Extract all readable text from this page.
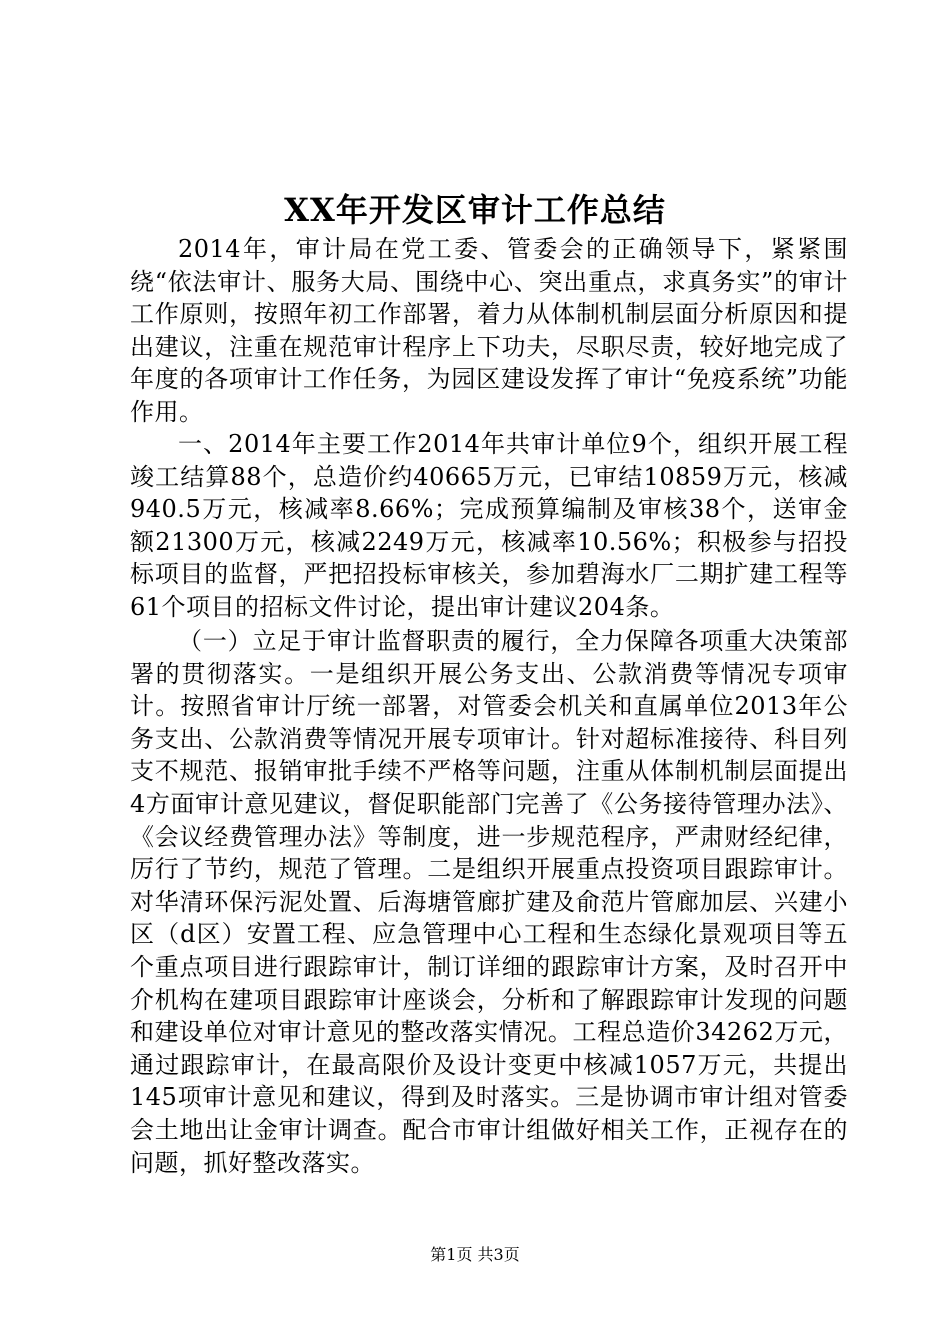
XX年开发区审计工作总结

2014年，审计局在党工委、管委会的正确领导下，紧紧围绕“依法审计、服务大局、围绕中心、突出重点，求真务实”的审计工作原则，按照年初工作部署，着力从体制机制层面分析原因和提出建议，注重在规范审计程序上下功夫，尽职尽责，较好地完成了年度的各项审计工作任务，为园区建设发挥了审计“免疫系统”功能作用。

一、2014年主要工作2014年共审计单位9个，组织开展工程竣工结算88个，总造价约40665万元，已审结10859万元，核减940.5万元，核减率8.66%；完成预算编制及审核38个，送审金额21300万元，核减2249万元，核减率10.56%；积极参与招投标项目的监督，严把招投标审核关，参加碧海水厂二期扩建工程等61个项目的招标文件讨论，提出审计建议204条。

（一）立足于审计监督职责的履行，全力保障各项重大决策部署的贯彻落实。一是组织开展公务支出、公款消费等情况专项审计。按照省审计厅统一部署，对管委会机关和直属单位2013年公务支出、公款消费等情况开展专项审计。针对超标准接待、科目列支不规范、报销审批手续不严格等问题，注重从体制机制层面提出4方面审计意见建议，督促职能部门完善了《公务接待管理办法》、《会议经费管理办法》等制度，进一步规范程序，严肃财经纪律，厉行了节约，规范了管理。二是组织开展重点投资项目跟踪审计。对华清环保污泥处置、后海塘管廊扩建及俞范片管廊加层、兴建小区（d区）安置工程、应急管理中心工程和生态绿化景观项目等五个重点项目进行跟踪审计，制订详细的跟踪审计方案，及时召开中介机构在建项目跟踪审计座谈会，分析和了解跟踪审计发现的问题和建设单位对审计意见的整改落实情况。工程总造价34262万元，通过跟踪审计，在最高限价及设计变更中核减1057万元，共提出145项审计意见和建议，得到及时落实。三是协调市审计组对管委会土地出让金审计调查。配合市审计组做好相关工作，正视存在的问题，抓好整改落实。

第1页 共3页
